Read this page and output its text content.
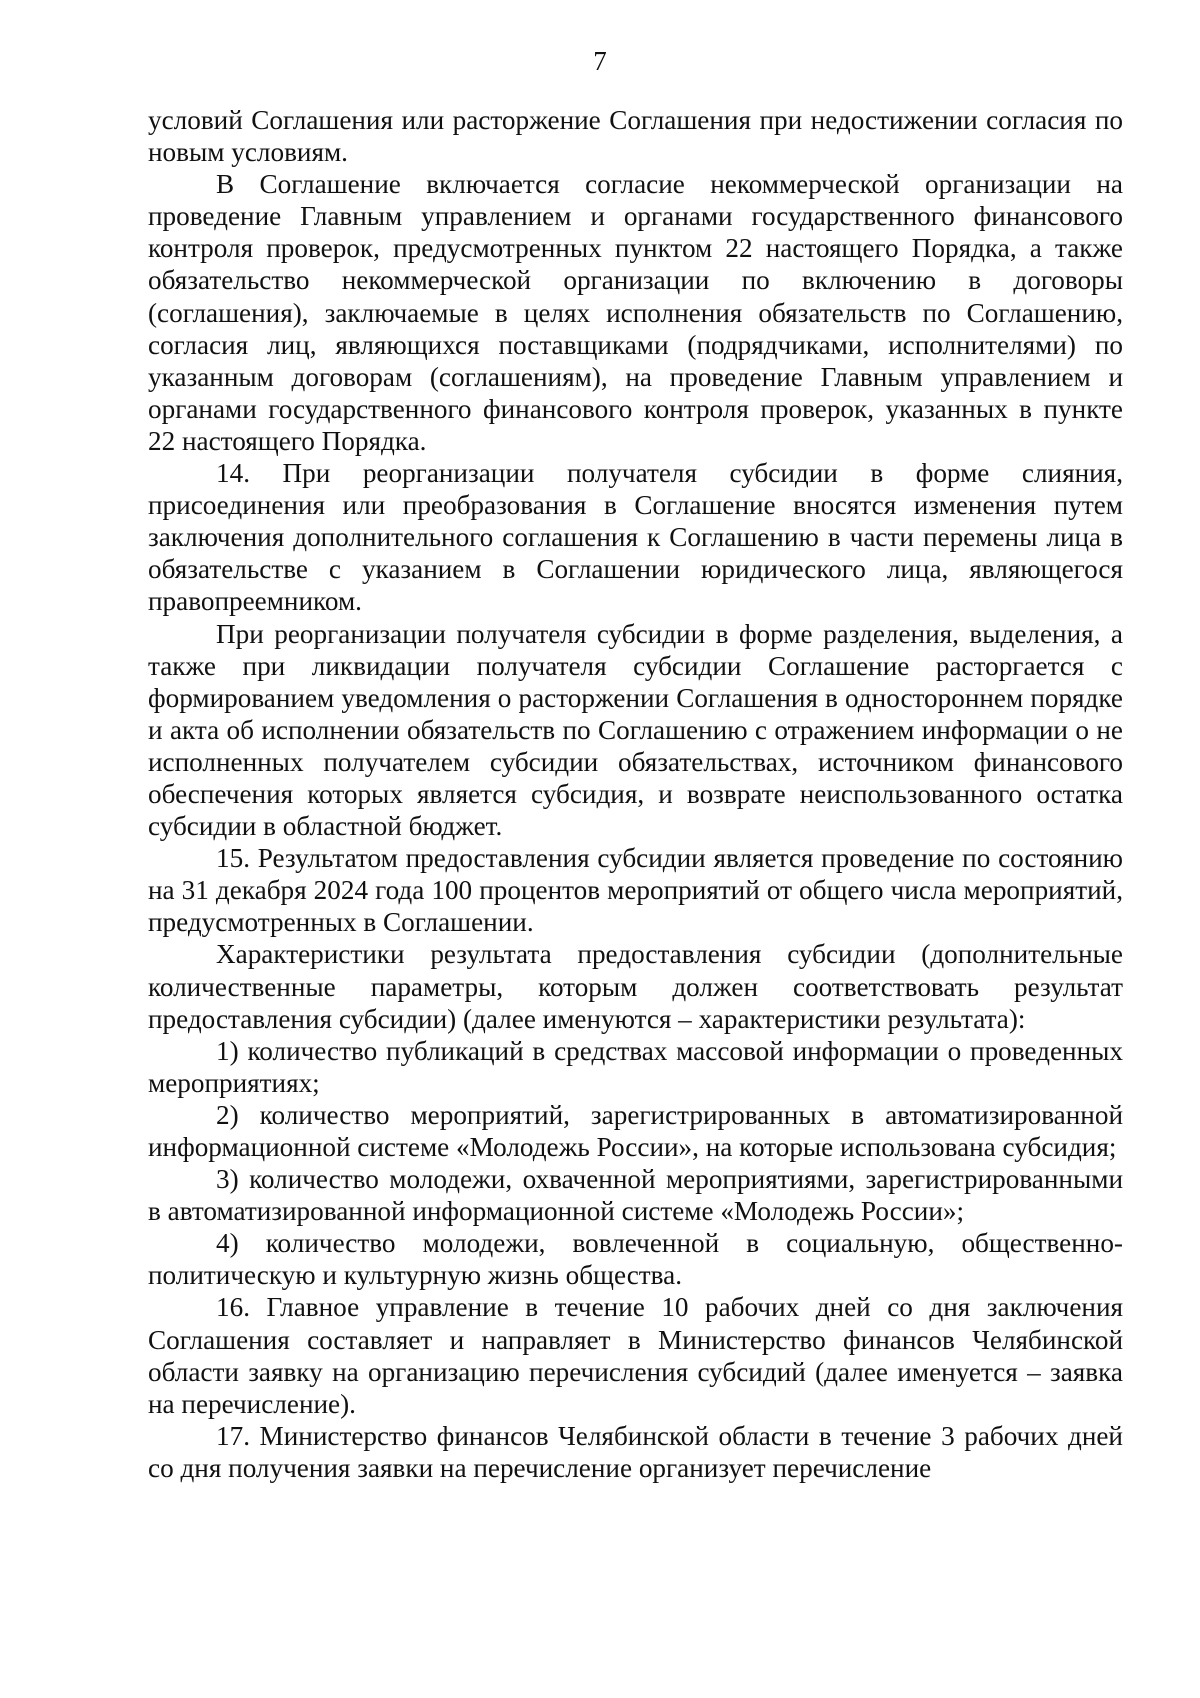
7

условий Соглашения или расторжение Соглашения при недостижении согласия по новым условиям.

В Соглашение включается согласие некоммерческой организации на проведение Главным управлением и органами государственного финансового контроля проверок, предусмотренных пунктом 22 настоящего Порядка, а также обязательство некоммерческой организации по включению в договоры (соглашения), заключаемые в целях исполнения обязательств по Соглашению, согласия лиц, являющихся поставщиками (подрядчиками, исполнителями) по указанным договорам (соглашениям), на проведение Главным управлением и органами государственного финансового контроля проверок, указанных в пункте 22 настоящего Порядка.

14. При реорганизации получателя субсидии в форме слияния, присоединения или преобразования в Соглашение вносятся изменения путем заключения дополнительного соглашения к Соглашению в части перемены лица в обязательстве с указанием в Соглашении юридического лица, являющегося правопреемником.

При реорганизации получателя субсидии в форме разделения, выделения, а также при ликвидации получателя субсидии Соглашение расторгается с формированием уведомления о расторжении Соглашения в одностороннем порядке и акта об исполнении обязательств по Соглашению с отражением информации о не исполненных получателем субсидии обязательствах, источником финансового обеспечения которых является субсидия, и возврате неиспользованного остатка субсидии в областной бюджет.

15. Результатом предоставления субсидии является проведение по состоянию на 31 декабря 2024 года 100 процентов мероприятий от общего числа мероприятий, предусмотренных в Соглашении.

Характеристики результата предоставления субсидии (дополнительные количественные параметры, которым должен соответствовать результат предоставления субсидии) (далее именуются – характеристики результата):

1) количество публикаций в средствах массовой информации о проведенных мероприятиях;

2) количество мероприятий, зарегистрированных в автоматизированной информационной системе «Молодежь России», на которые использована субсидия;

3) количество молодежи, охваченной мероприятиями, зарегистрированными в автоматизированной информационной системе «Молодежь России»;

4) количество молодежи, вовлеченной в социальную, общественно-политическую и культурную жизнь общества.

16. Главное управление в течение 10 рабочих дней со дня заключения Соглашения составляет и направляет в Министерство финансов Челябинской области заявку на организацию перечисления субсидий (далее именуется – заявка на перечисление).

17. Министерство финансов Челябинской области в течение 3 рабочих дней со дня получения заявки на перечисление организует перечисление
